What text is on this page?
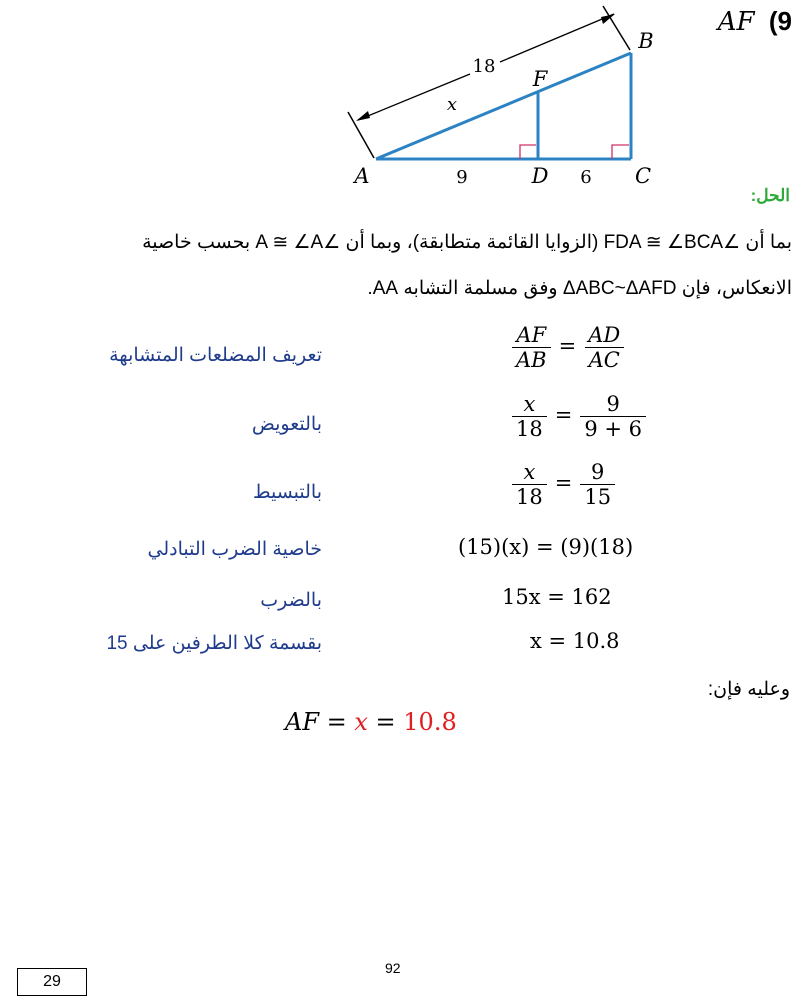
AF (9
18
x
F
B
A	9	D 6 C
الحل:
بما أن ∠FDA ≅ ∠BCA (الزوايا القائمة متطابقة)، وبما أن ∠A ≅ ∠A بحسب خاصية
الانعكاس، فإن ΔABC~ΔAFD وفق مسلمة التشابه AA.
تعريف المضلعات المتشابهة	$\frac{AF}{AB} = \frac{AD}{AC}$
بالتعويض	$\frac{x}{18} = \frac{9}{9 + 6}$
بالتبسيط	$\frac{x}{18} = \frac{9}{15}$
خاصية الضرب التبادلي	(15)(x) = (9)(18)
بالضرب	15x = 162
بقسمة كلا الطرفين على 15	x = 10.8
وعليه فإن:
AF = x = 10.8
92
29
